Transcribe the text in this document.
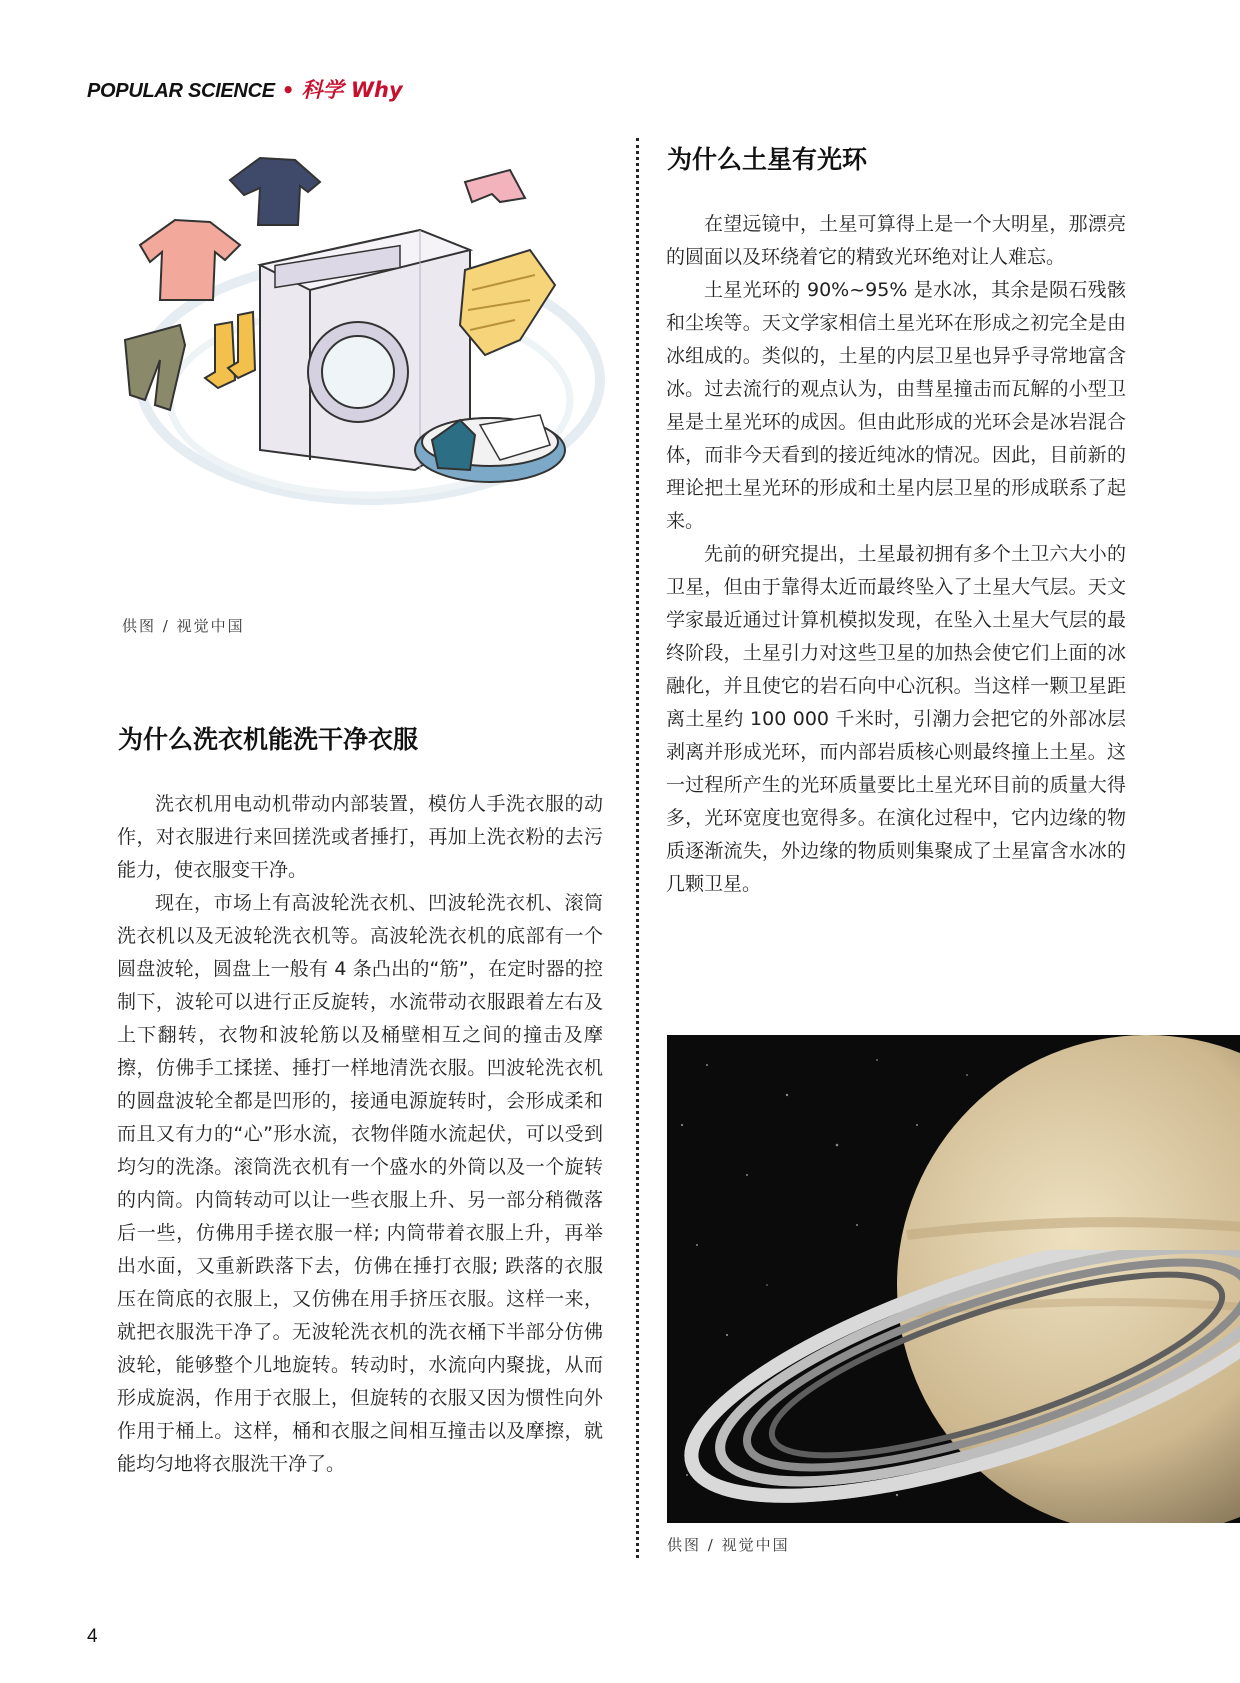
POPULAR SCIENCE • 科学 Why
供图 / 视觉中国
为什么洗衣机能洗干净衣服

洗衣机用电动机带动内部装置，模仿人手洗衣服的动作，对衣服进行来回搓洗或者捶打，再加上洗衣粉的去污能力，使衣服变干净。

现在，市场上有高波轮洗衣机、凹波轮洗衣机、滚筒洗衣机以及无波轮洗衣机等。高波轮洗衣机的底部有一个圆盘波轮，圆盘上一般有 4 条凸出的“筋”，在定时器的控制下，波轮可以进行正反旋转，水流带动衣服跟着左右及上下翻转，衣物和波轮筋以及桶壁相互之间的撞击及摩擦，仿佛手工揉搓、捶打一样地清洗衣服。凹波轮洗衣机的圆盘波轮全都是凹形的，接通电源旋转时，会形成柔和而且又有力的“心”形水流，衣物伴随水流起伏，可以受到均匀的洗涤。滚筒洗衣机有一个盛水的外筒以及一个旋转的内筒。内筒转动可以让一些衣服上升、另一部分稍微落后一些，仿佛用手搓衣服一样; 内筒带着衣服上升，再举出水面，又重新跌落下去，仿佛在捶打衣服; 跌落的衣服压在筒底的衣服上，又仿佛在用手挤压衣服。这样一来，就把衣服洗干净了。无波轮洗衣机的洗衣桶下半部分仿佛波轮，能够整个儿地旋转。转动时，水流向内聚拢，从而形成旋涡，作用于衣服上，但旋转的衣服又因为惯性向外作用于桶上。这样，桶和衣服之间相互撞击以及摩擦，就能均匀地将衣服洗干净了。

为什么土星有光环

在望远镜中，土星可算得上是一个大明星，那漂亮的圆面以及环绕着它的精致光环绝对让人难忘。

土星光环的 90%~95% 是水冰，其余是陨石残骸和尘埃等。天文学家相信土星光环在形成之初完全是由冰组成的。类似的，土星的内层卫星也异乎寻常地富含冰。过去流行的观点认为，由彗星撞击而瓦解的小型卫星是土星光环的成因。但由此形成的光环会是冰岩混合体，而非今天看到的接近纯冰的情况。因此，目前新的理论把土星光环的形成和土星内层卫星的形成联系了起来。

先前的研究提出，土星最初拥有多个土卫六大小的卫星，但由于靠得太近而最终坠入了土星大气层。天文学家最近通过计算机模拟发现，在坠入土星大气层的最终阶段，土星引力对这些卫星的加热会使它们上面的冰融化，并且使它的岩石向中心沉积。当这样一颗卫星距离土星约 100 000 千米时，引潮力会把它的外部冰层剥离并形成光环，而内部岩质核心则最终撞上土星。这一过程所产生的光环质量要比土星光环目前的质量大得多，光环宽度也宽得多。在演化过程中，它内边缘的物质逐渐流失，外边缘的物质则集聚成了土星富含水冰的几颗卫星。

供图 / 视觉中国
4
